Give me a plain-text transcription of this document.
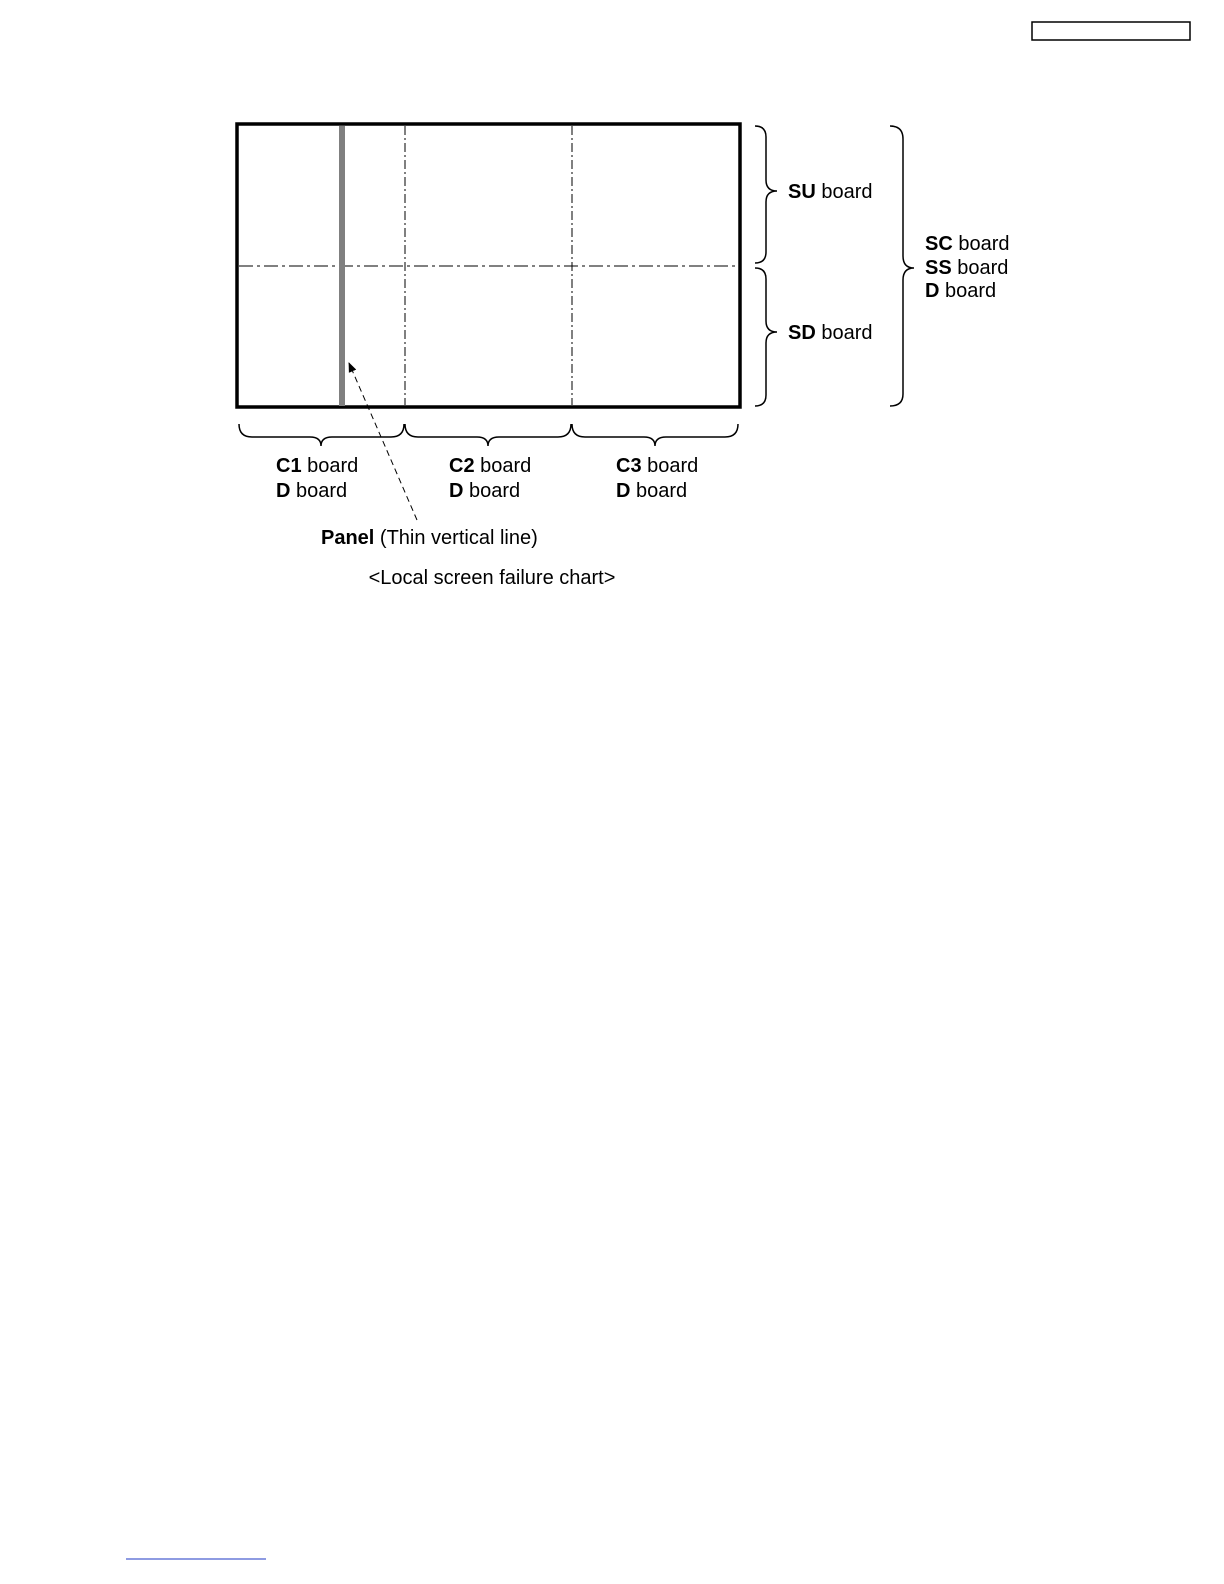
SU board
SD board
SC board
SS board
D board
C1 board
D board
C2 board
D board
C3 board
D board
Panel (Thin vertical line)
<Local screen failure chart>
